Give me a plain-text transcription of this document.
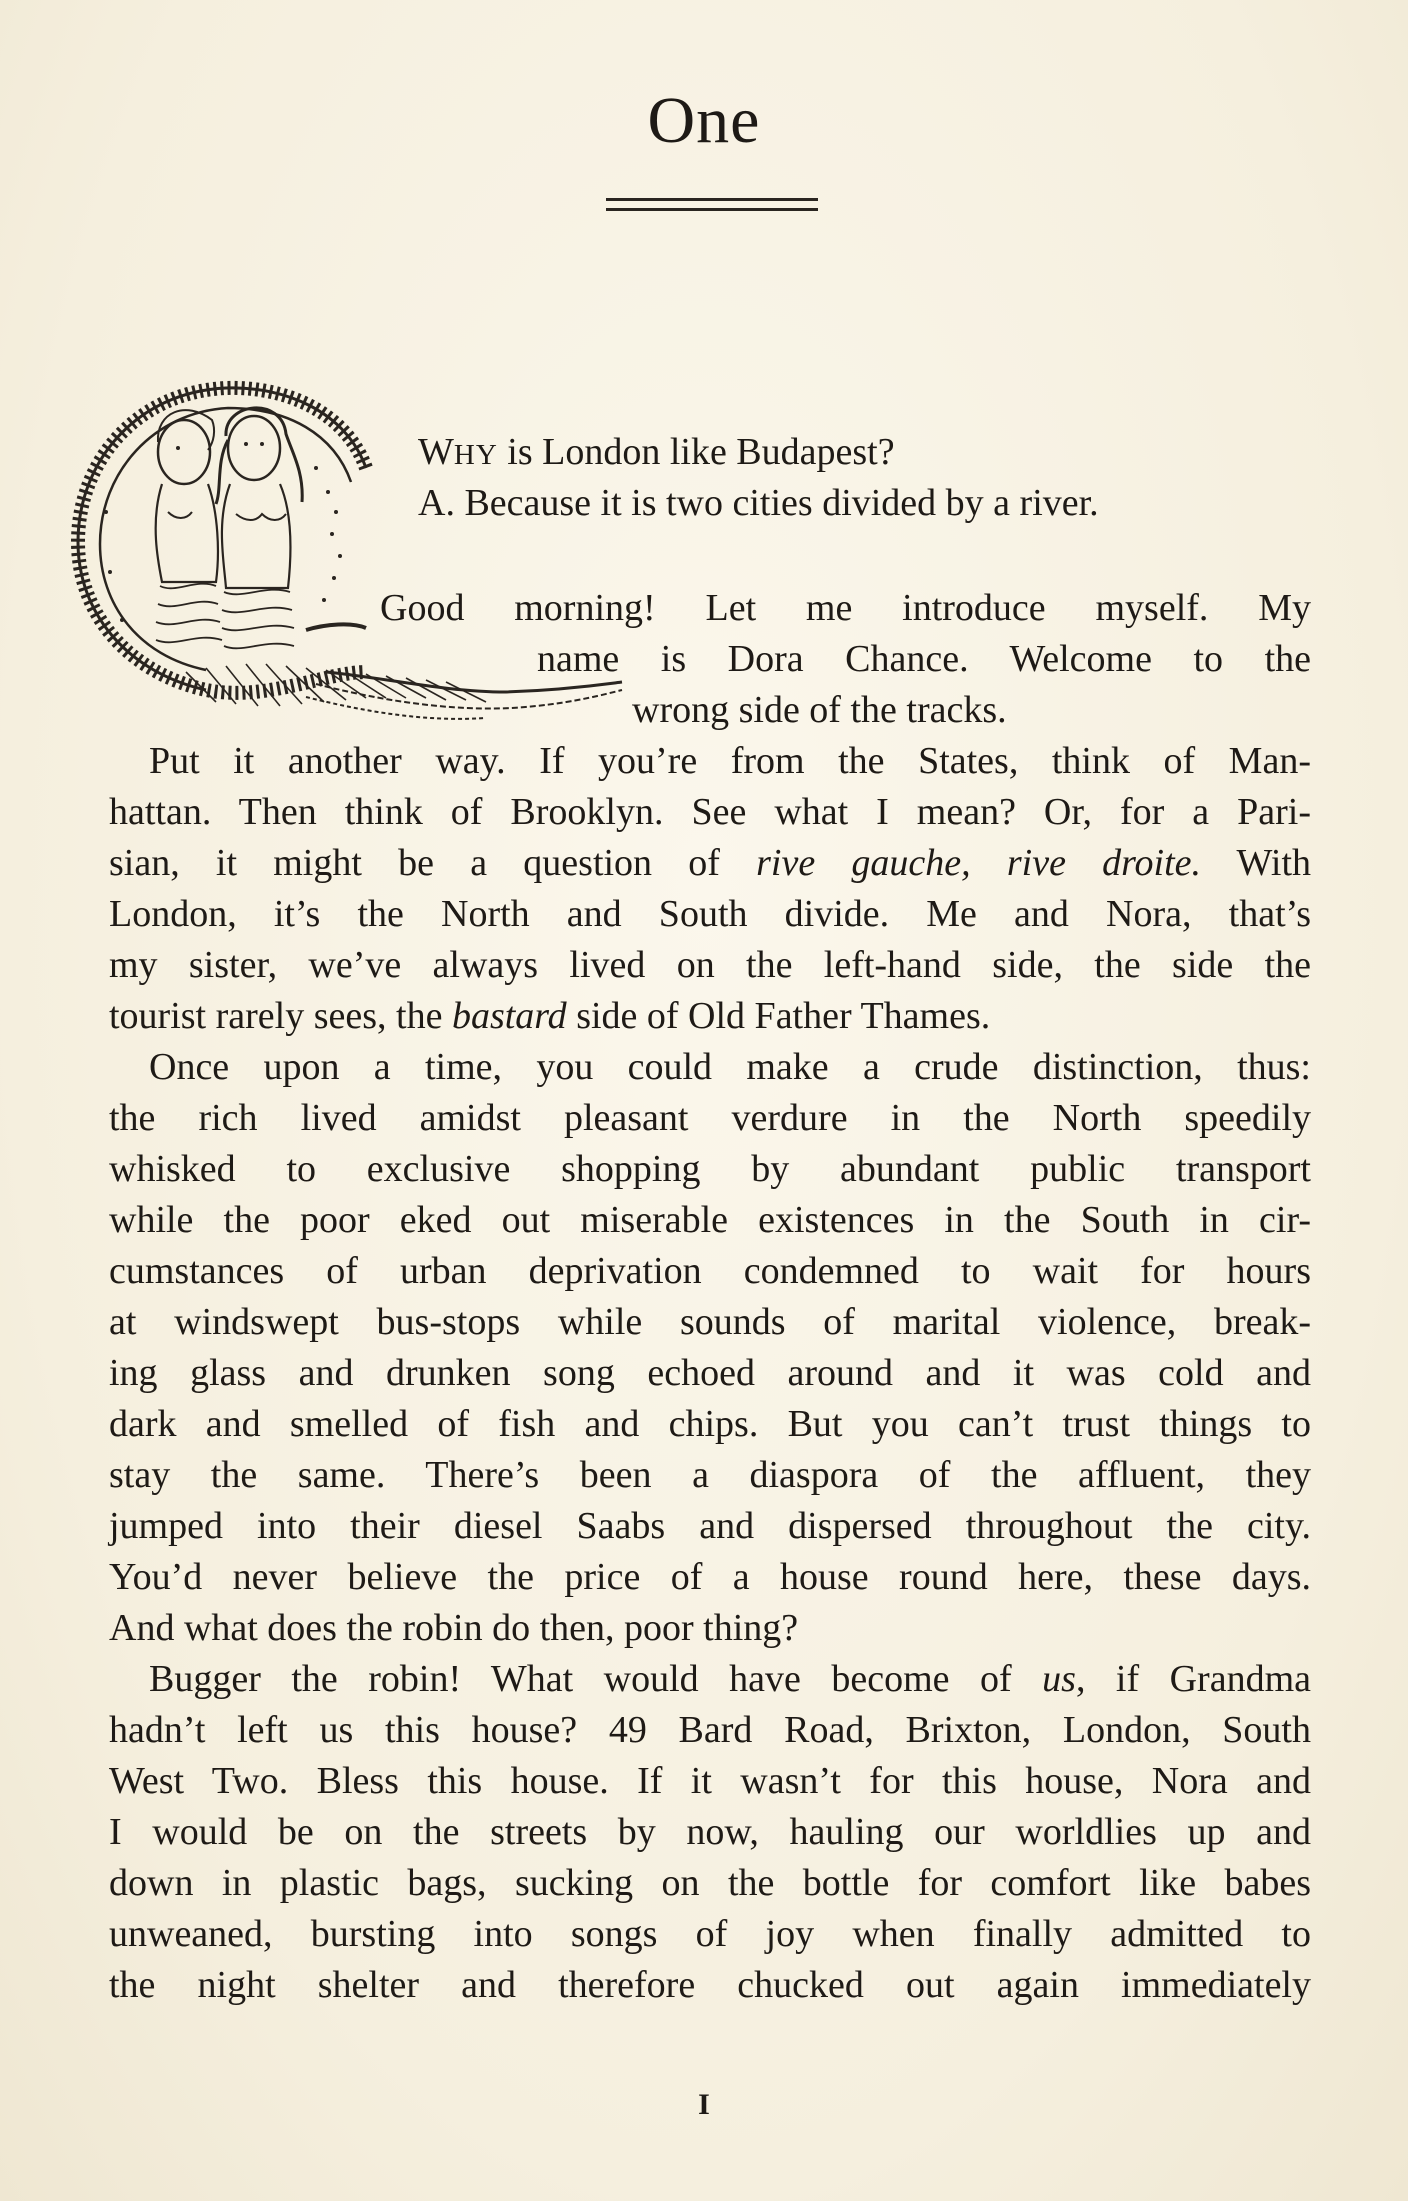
One
WHY is London like Budapest?
A. Because it is two cities divided by a river.
Good morning! Let me introduce myself. My
name is Dora Chance. Welcome to the
wrong side of the tracks.
Put it another way. If you’re from the States, think of Man-
hattan. Then think of Brooklyn. See what I mean? Or, for a Pari-
sian, it might be a question of rive gauche, rive droite. With
London, it’s the North and South divide. Me and Nora, that’s
my sister, we’ve always lived on the left-hand side, the side the
tourist rarely sees, the bastard side of Old Father Thames.
Once upon a time, you could make a crude distinction, thus:
the rich lived amidst pleasant verdure in the North speedily
whisked to exclusive shopping by abundant public transport
while the poor eked out miserable existences in the South in cir-
cumstances of urban deprivation condemned to wait for hours
at windswept bus-stops while sounds of marital violence, break-
ing glass and drunken song echoed around and it was cold and
dark and smelled of fish and chips. But you can’t trust things to
stay the same. There’s been a diaspora of the affluent, they
jumped into their diesel Saabs and dispersed throughout the city.
You’d never believe the price of a house round here, these days.
And what does the robin do then, poor thing?
Bugger the robin! What would have become of us, if Grandma
hadn’t left us this house? 49 Bard Road, Brixton, London, South
West Two. Bless this house. If it wasn’t for this house, Nora and
I would be on the streets by now, hauling our worldlies up and
down in plastic bags, sucking on the bottle for comfort like babes
unweaned, bursting into songs of joy when finally admitted to
the night shelter and therefore chucked out again immediately
I
